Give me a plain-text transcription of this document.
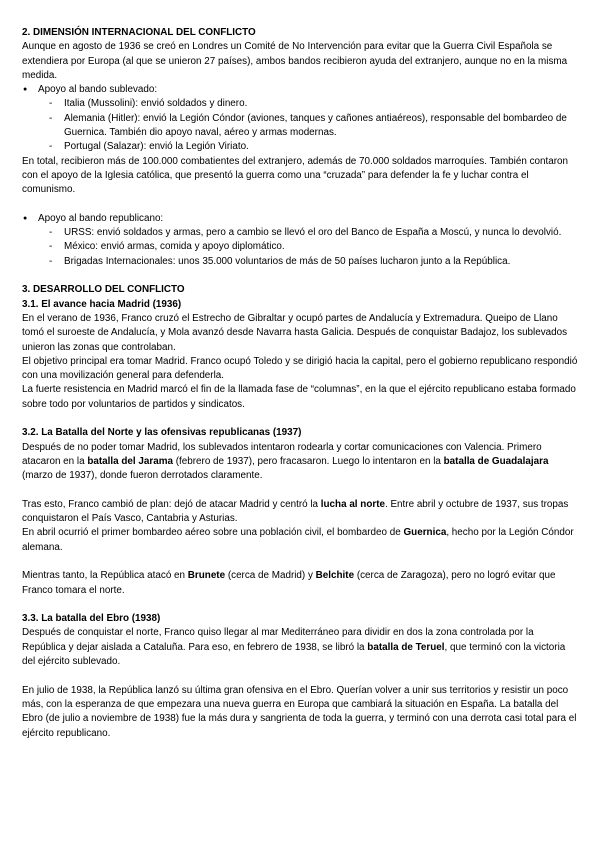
2. DIMENSIÓN INTERNACIONAL DEL CONFLICTO

Aunque en agosto de 1936 se creó en Londres un Comité de No Intervención para evitar que la Guerra Civil Española se extendiera por Europa (al que se unieron 27 países), ambos bandos recibieron ayuda del extranjero, aunque no en la misma medida.

● Apoyo al bando sublevado:
- Italia (Mussolini): envió soldados y dinero.
- Alemania (Hitler): envió la Legión Cóndor (aviones, tanques y cañones antiaéreos), responsable del bombardeo de Guernica. También dio apoyo naval, aéreo y armas modernas.
- Portugal (Salazar): envió la Legión Viriato.

En total, recibieron más de 100.000 combatientes del extranjero, además de 70.000 soldados marroquíes. También contaron con el apoyo de la Iglesia católica, que presentó la guerra como una “cruzada” para defender la fe y luchar contra el comunismo.

● Apoyo al bando republicano:
- URSS: envió soldados y armas, pero a cambio se llevó el oro del Banco de España a Moscú, y nunca lo devolvió.
- México: envió armas, comida y apoyo diplomático.
- Brigadas Internacionales: unos 35.000 voluntarios de más de 50 países lucharon junto a la República.

3. DESARROLLO DEL CONFLICTO

3.1. El avance hacia Madrid (1936)

En el verano de 1936, Franco cruzó el Estrecho de Gibraltar y ocupó partes de Andalucía y Extremadura. Queipo de Llano tomó el suroeste de Andalucía, y Mola avanzó desde Navarra hasta Galicia. Después de conquistar Badajoz, los sublevados unieron las zonas que controlaban.

El objetivo principal era tomar Madrid. Franco ocupó Toledo y se dirigió hacia la capital, pero el gobierno republicano respondió con una movilización general para defenderla.

La fuerte resistencia en Madrid marcó el fin de la llamada fase de “columnas”, en la que el ejército republicano estaba formado sobre todo por voluntarios de partidos y sindicatos.

3.2. La Batalla del Norte y las ofensivas republicanas (1937)

Después de no poder tomar Madrid, los sublevados intentaron rodearla y cortar comunicaciones con Valencia. Primero atacaron en la batalla del Jarama (febrero de 1937), pero fracasaron. Luego lo intentaron en la batalla de Guadalajara (marzo de 1937), donde fueron derrotados claramente.

Tras esto, Franco cambió de plan: dejó de atacar Madrid y centró la lucha al norte. Entre abril y octubre de 1937, sus tropas conquistaron el País Vasco, Cantabria y Asturias.

En abril ocurrió el primer bombardeo aéreo sobre una población civil, el bombardeo de Guernica, hecho por la Legión Cóndor alemana.

Mientras tanto, la República atacó en Brunete (cerca de Madrid) y Belchite (cerca de Zaragoza), pero no logró evitar que Franco tomara el norte.

3.3. La batalla del Ebro (1938)

Después de conquistar el norte, Franco quiso llegar al mar Mediterráneo para dividir en dos la zona controlada por la República y dejar aislada a Cataluña. Para eso, en febrero de 1938, se libró la batalla de Teruel, que terminó con la victoria del ejército sublevado.

En julio de 1938, la República lanzó su última gran ofensiva en el Ebro. Querían volver a unir sus territorios y resistir un poco más, con la esperanza de que empezara una nueva guerra en Europa que cambiará la situación en España. La batalla del Ebro (de julio a noviembre de 1938) fue la más dura y sangrienta de toda la guerra, y terminó con una derrota casi total para el ejército republicano.
